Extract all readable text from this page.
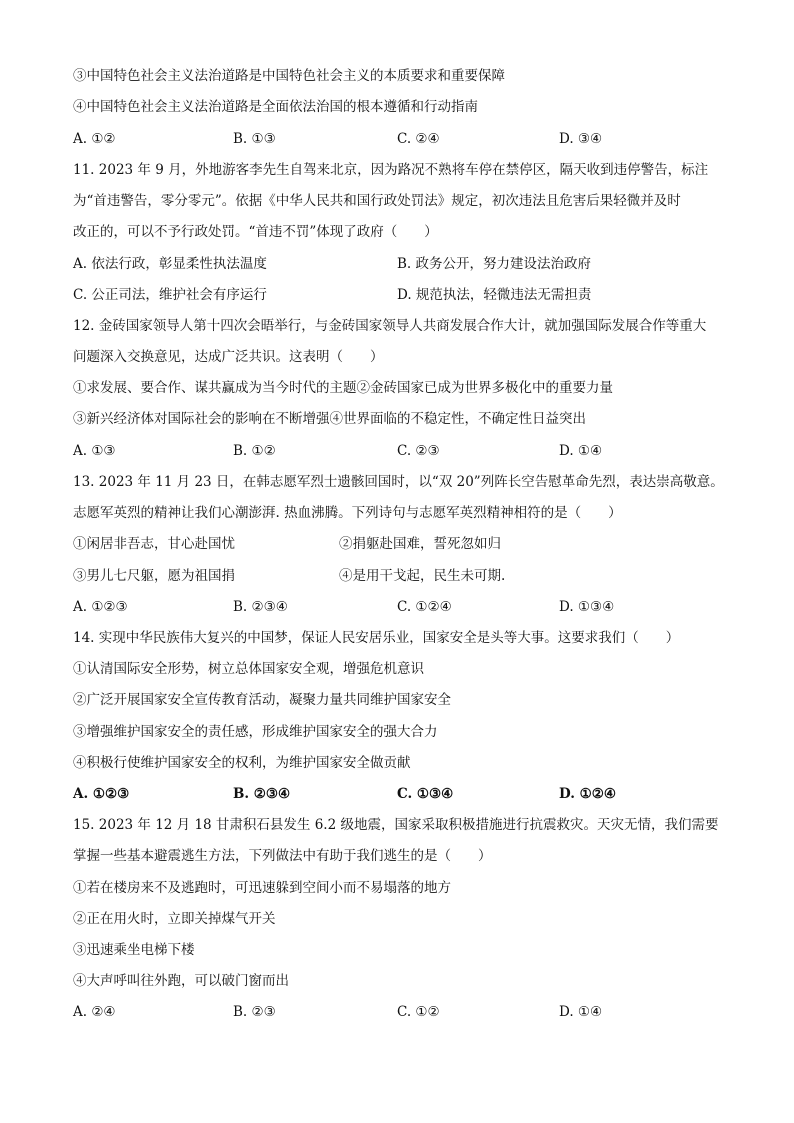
③中国特色社会主义法治道路是中国特色社会主义的本质要求和重要保障
④中国特色社会主义法治道路是全面依法治国的根本遵循和行动指南
A. ①②	B. ①③	C. ②④	D. ③④
11. 2023 年 9 月，外地游客李先生自驾来北京，因为路况不熟将车停在禁停区，隔天收到违停警告，标注
为“首违警告，零分零元”。依据《中华人民共和国行政处罚法》规定，初次违法且危害后果轻微并及时
改正的，可以不予行政处罚。“首违不罚”体现了政府（　　）
A. 依法行政，彰显柔性执法温度	B. 政务公开，努力建设法治政府
C. 公正司法，维护社会有序运行	D. 规范执法，轻微违法无需担责
12. 金砖国家领导人第十四次会晤举行，与金砖国家领导人共商发展合作大计，就加强国际发展合作等重大
问题深入交换意见，达成广泛共识。这表明（　　）
①求发展、要合作、谋共赢成为当今时代的主题②金砖国家已成为世界多极化中的重要力量
③新兴经济体对国际社会的影响在不断增强④世界面临的不稳定性，不确定性日益突出
A. ①③	B. ①②	C. ②③	D. ①④
13. 2023 年 11 月 23 日，在韩志愿军烈士遗骸回国时，以“双 20”列阵长空告慰革命先烈，表达崇高敬意。
志愿军英烈的精神让我们心潮澎湃. 热血沸腾。下列诗句与志愿军英烈精神相符的是（　　）
①闲居非吾志，甘心赴国忧	②捐躯赴国难，誓死忽如归
③男儿七尺躯，愿为祖国捐	④是用干戈起，民生未可期.
A. ①②③	B. ②③④	C. ①②④	D. ①③④
14. 实现中华民族伟大复兴的中国梦，保证人民安居乐业，国家安全是头等大事。这要求我们（　　）
①认清国际安全形势，树立总体国家安全观，增强危机意识
②广泛开展国家安全宣传教育活动，凝聚力量共同维护国家安全
③增强维护国家安全的责任感，形成维护国家安全的强大合力
④积极行使维护国家安全的权利，为维护国家安全做贡献
A. ①②③	B. ②③④	C. ①③④	D. ①②④
15. 2023 年 12 月 18 甘肃积石县发生 6.2 级地震，国家采取积极措施进行抗震救灾。天灾无情，我们需要
掌握一些基本避震逃生方法，下列做法中有助于我们逃生的是（　　）
①若在楼房来不及逃跑时，可迅速躲到空间小而不易塌落的地方
②正在用火时，立即关掉煤气开关
③迅速乘坐电梯下楼
④大声呼叫往外跑，可以破门窗而出
A. ②④	B. ②③	C. ①②	D. ①④
